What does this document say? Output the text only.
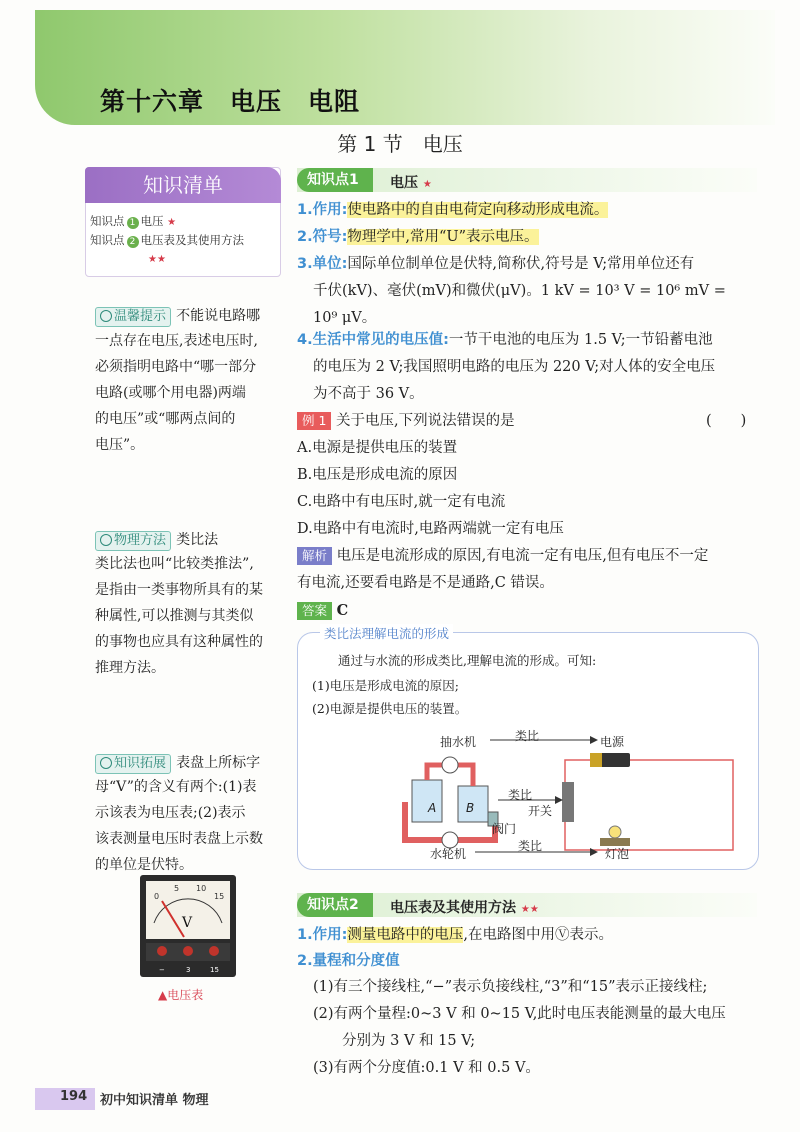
第十六章　电压　电阻
第 1 节　电压
知识清单
知识点 1 电压 ★
知识点 2 电压表及其使用方法
★★
温馨提示 不能说电路哪
一点存在电压,表述电压时,
必须指明电路中“哪一部分
电路(或哪个用电器)两端
的电压”或“哪两点间的
电压”。
物理方法 类比法
类比法也叫“比较类推法”,
是指由一类事物所具有的某
种属性,可以推测与其类似
的事物也应具有这种属性的
推理方法。
知识拓展 表盘上所标字
母“V”的含义有两个:(1)表
示该表为电压表;(2)表示
该表测量电压时表盘上示数
的单位是伏特。
0
5 10
15
V
−	3	15
▲电压表
知识点1	电压 ★
1.作用:使电路中的自由电荷定向移动形成电流。
2.符号:物理学中,常用“U”表示电压。
3.单位:国际单位制单位是伏特,简称伏,符号是 V;常用单位还有
千伏(kV)、毫伏(mV)和微伏(μV)。1 kV = 10³ V = 10⁶ mV =
10⁹ μV。
4.生活中常见的电压值:一节干电池的电压为 1.5 V;一节铅蓄电池
的电压为 2 V;我国照明电路的电压为 220 V;对人体的安全电压
为不高于 36 V。
例 1 关于电压,下列说法错误的是	(　　)
A.电源是提供电压的装置
B.电压是形成电流的原因
C.电路中有电压时,就一定有电流
D.电路中有电流时,电路两端就一定有电压
解析 电压是电流形成的原因,有电流一定有电压,但有电压不一定
有电流,还要看电路是不是通路,C 错误。
答案 C
类比法理解电流的形成
通过与水流的形成类比,理解电流的形成。可知:
(1)电压是形成电流的原因;
(2)电源是提供电压的装置。
抽水机	类比	电源
类比
开关
阀门
A B
水轮机
类比
灯泡
知识点2	电压表及其使用方法 ★★
1.作用:测量电路中的电压,在电路图中用Ⓥ表示。
2.量程和分度值
(1)有三个接线柱,“−”表示负接线柱,“3”和“15”表示正接线柱;
(2)有两个量程:0~3 V 和 0~15 V,此时电压表能测量的最大电压
分别为 3 V 和 15 V;
(3)有两个分度值:0.1 V 和 0.5 V。
194 初中知识清单 物理
